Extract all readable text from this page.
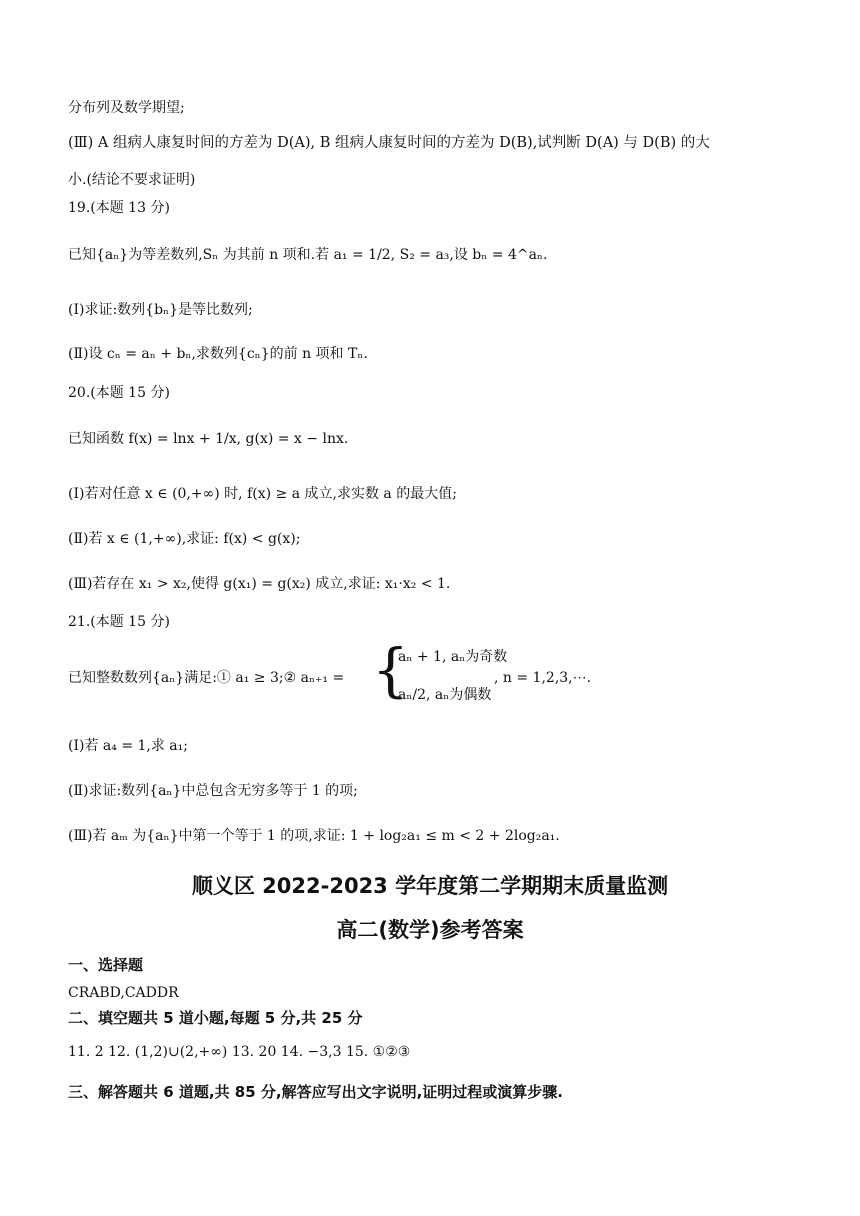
分布列及数学期望;
(Ⅲ) A 组病人康复时间的方差为 D(A), B 组病人康复时间的方差为 D(B),试判断 D(A) 与 D(B) 的大
小.(结论不要求证明)
19.(本题 13 分)
已知{aₙ}为等差数列,Sₙ 为其前 n 项和.若 a₁ = 1/2, S₂ = a₃,设 bₙ = 4^aₙ.
(Ⅰ)求证:数列{bₙ}是等比数列;
(Ⅱ)设 cₙ = aₙ + bₙ,求数列{cₙ}的前 n 项和 Tₙ.
20.(本题 15 分)
已知函数 f(x) = lnx + 1/x, g(x) = x − lnx.
(Ⅰ)若对任意 x ∈ (0,+∞) 时, f(x) ≥ a 成立,求实数 a 的最大值;
(Ⅱ)若 x ∈ (1,+∞),求证: f(x) < g(x);
(Ⅲ)若存在 x₁ > x₂,使得 g(x₁) = g(x₂) 成立,求证: x₁·x₂ < 1.
21.(本题 15 分)
已知整数数列{aₙ}满足:① a₁ ≥ 3;② aₙ₊₁ = {
aₙ + 1, aₙ为奇数
aₙ/2, aₙ为偶数
, n = 1,2,3,⋯.
(Ⅰ)若 a₄ = 1,求 a₁;
(Ⅱ)求证:数列{aₙ}中总包含无穷多等于 1 的项;
(Ⅲ)若 aₘ 为{aₙ}中第一个等于 1 的项,求证: 1 + log₂a₁ ≤ m < 2 + 2log₂a₁.
顺义区 2022-2023 学年度第二学期期末质量监测
高二(数学)参考答案
一、选择题
CRABD,CADDR
二、填空题共 5 道小题,每题 5 分,共 25 分
11. 2 12. (1,2)∪(2,+∞) 13. 20 14. −3,3 15. ①②③
三、解答题共 6 道题,共 85 分,解答应写出文字说明,证明过程或演算步骤.
